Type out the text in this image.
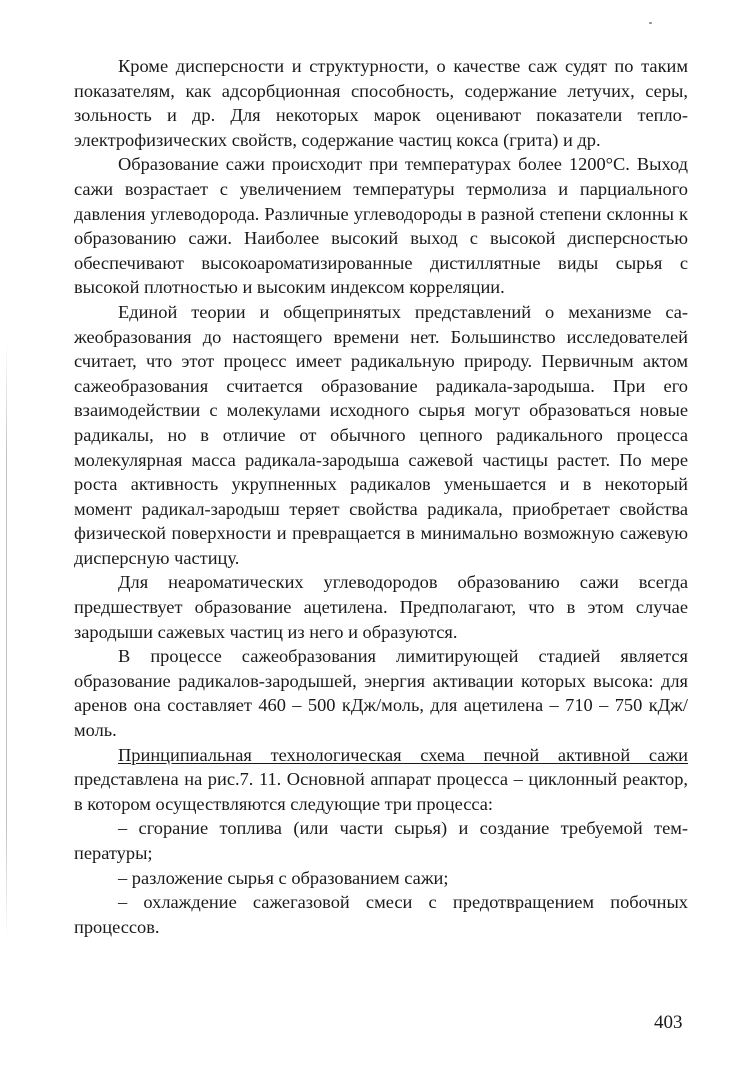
Кроме дисперсности и структурности, о качестве саж судят по таким показателям, как адсорбционная способность, содержание летучих, серы, зольность и др. Для некоторых марок оценивают показатели тепло-электрофизических свойств, содержание частиц кокса (грита) и др.

Образование сажи происходит при температурах более 1200°С. Выход сажи возрастает с увеличением температуры термолиза и парциального давления углеводорода. Различные углеводороды в разной степени склонны к образованию сажи. Наиболее высокий выход с высокой дисперсностью обеспечивают высокоароматизированные дистиллятные виды сырья с высокой плотностью и высоким индексом корреляции.

Единой теории и общепринятых представлений о механизме сажеобразования до настоящего времени нет. Большинство исследователей считает, что этот процесс имеет радикальную природу. Первичным актом сажеобразования считается образование радикала-зародыша. При его взаимодействии с молекулами исходного сырья могут образоваться новые радикалы, но в отличие от обычного цепного радикального процесса молекулярная масса радикала-зародыша сажевой частицы растет. По мере роста активность укрупненных радикалов уменьшается и в некоторый момент радикал-зародыш теряет свойства радикала, приобретает свойства физической поверхности и превращается в минимально возможную сажевую дисперсную частицу.

Для неароматических углеводородов образованию сажи всегда предшествует образование ацетилена. Предполагают, что в этом случае зародыши сажевых частиц из него и образуются.

В процессе сажеобразования лимитирующей стадией является образование радикалов-зародышей, энергия активации которых высока: для аренов она составляет 460 – 500 кДж/моль, для ацетилена – 710 – 750 кДж/моль.

Принципиальная технологическая схема печной активной сажи представлена на рис.7. 11. Основной аппарат процесса – циклонный реактор, в котором осуществляются следующие три процесса:

– сгорание топлива (или части сырья) и создание требуемой температуры;

– разложение сырья с образованием сажи;

– охлаждение сажегазовой смеси с предотвращением побочных процессов.

403
